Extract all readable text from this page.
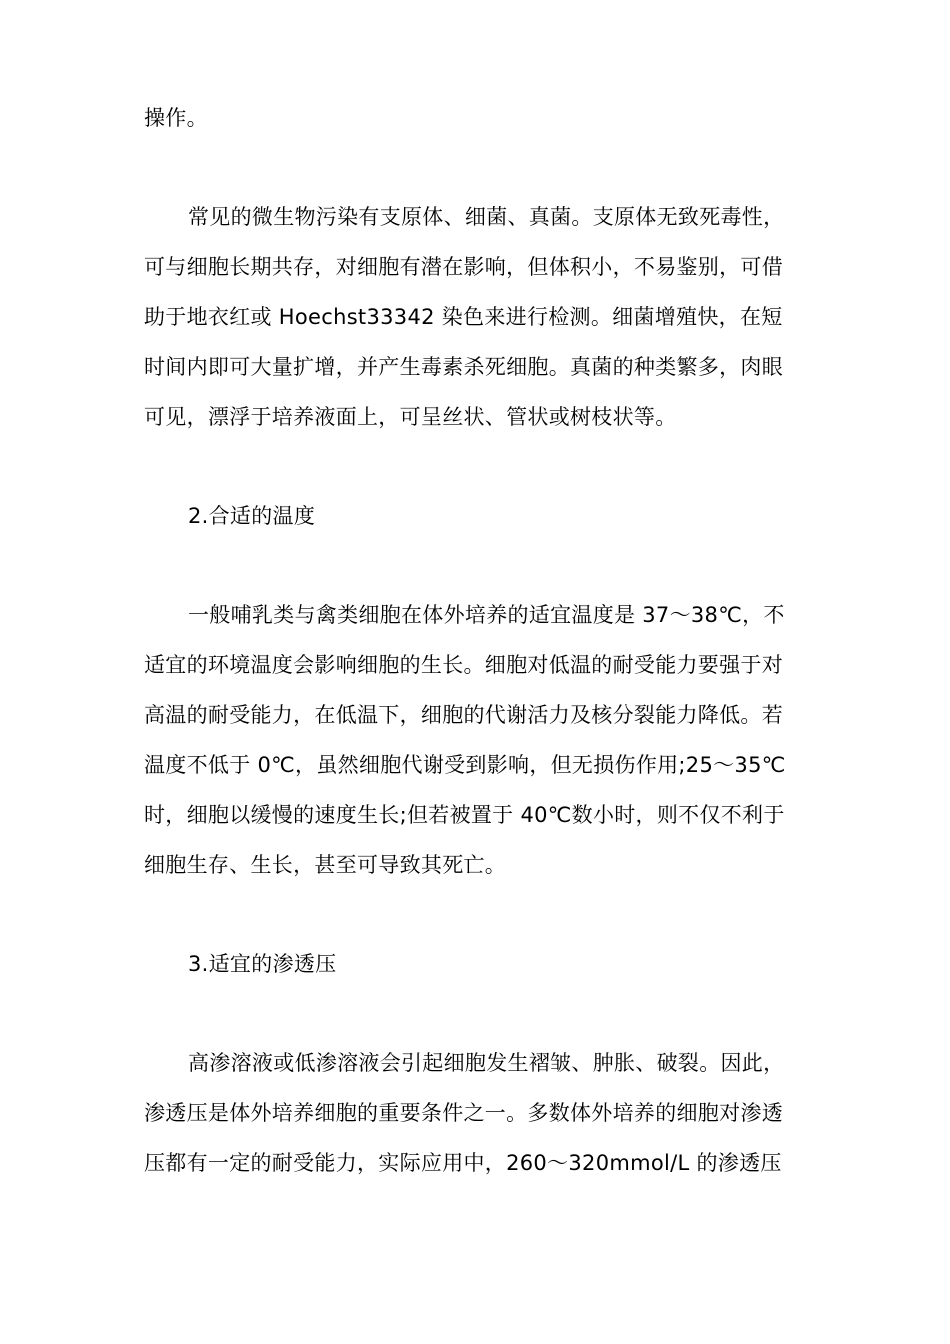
操作。
常见的微生物污染有支原体、细菌、真菌。支原体无致死毒性，
可与细胞长期共存，对细胞有潜在影响，但体积小，不易鉴别，可借
助于地衣红或 Hoechst33342 染色来进行检测。细菌增殖快，在短
时间内即可大量扩增，并产生毒素杀死细胞。真菌的种类繁多，肉眼
可见，漂浮于培养液面上，可呈丝状、管状或树枝状等。
2.合适的温度
一般哺乳类与禽类细胞在体外培养的适宜温度是 37～38℃，不
适宜的环境温度会影响细胞的生长。细胞对低温的耐受能力要强于对
高温的耐受能力，在低温下，细胞的代谢活力及核分裂能力降低。若
温度不低于 0℃，虽然细胞代谢受到影响，但无损伤作用;25～35℃
时，细胞以缓慢的速度生长;但若被置于 40℃数小时，则不仅不利于
细胞生存、生长，甚至可导致其死亡。
3.适宜的渗透压
高渗溶液或低渗溶液会引起细胞发生褶皱、肿胀、破裂。因此，
渗透压是体外培养细胞的重要条件之一。多数体外培养的细胞对渗透
压都有一定的耐受能力，实际应用中，260～320mmol/L 的渗透压
